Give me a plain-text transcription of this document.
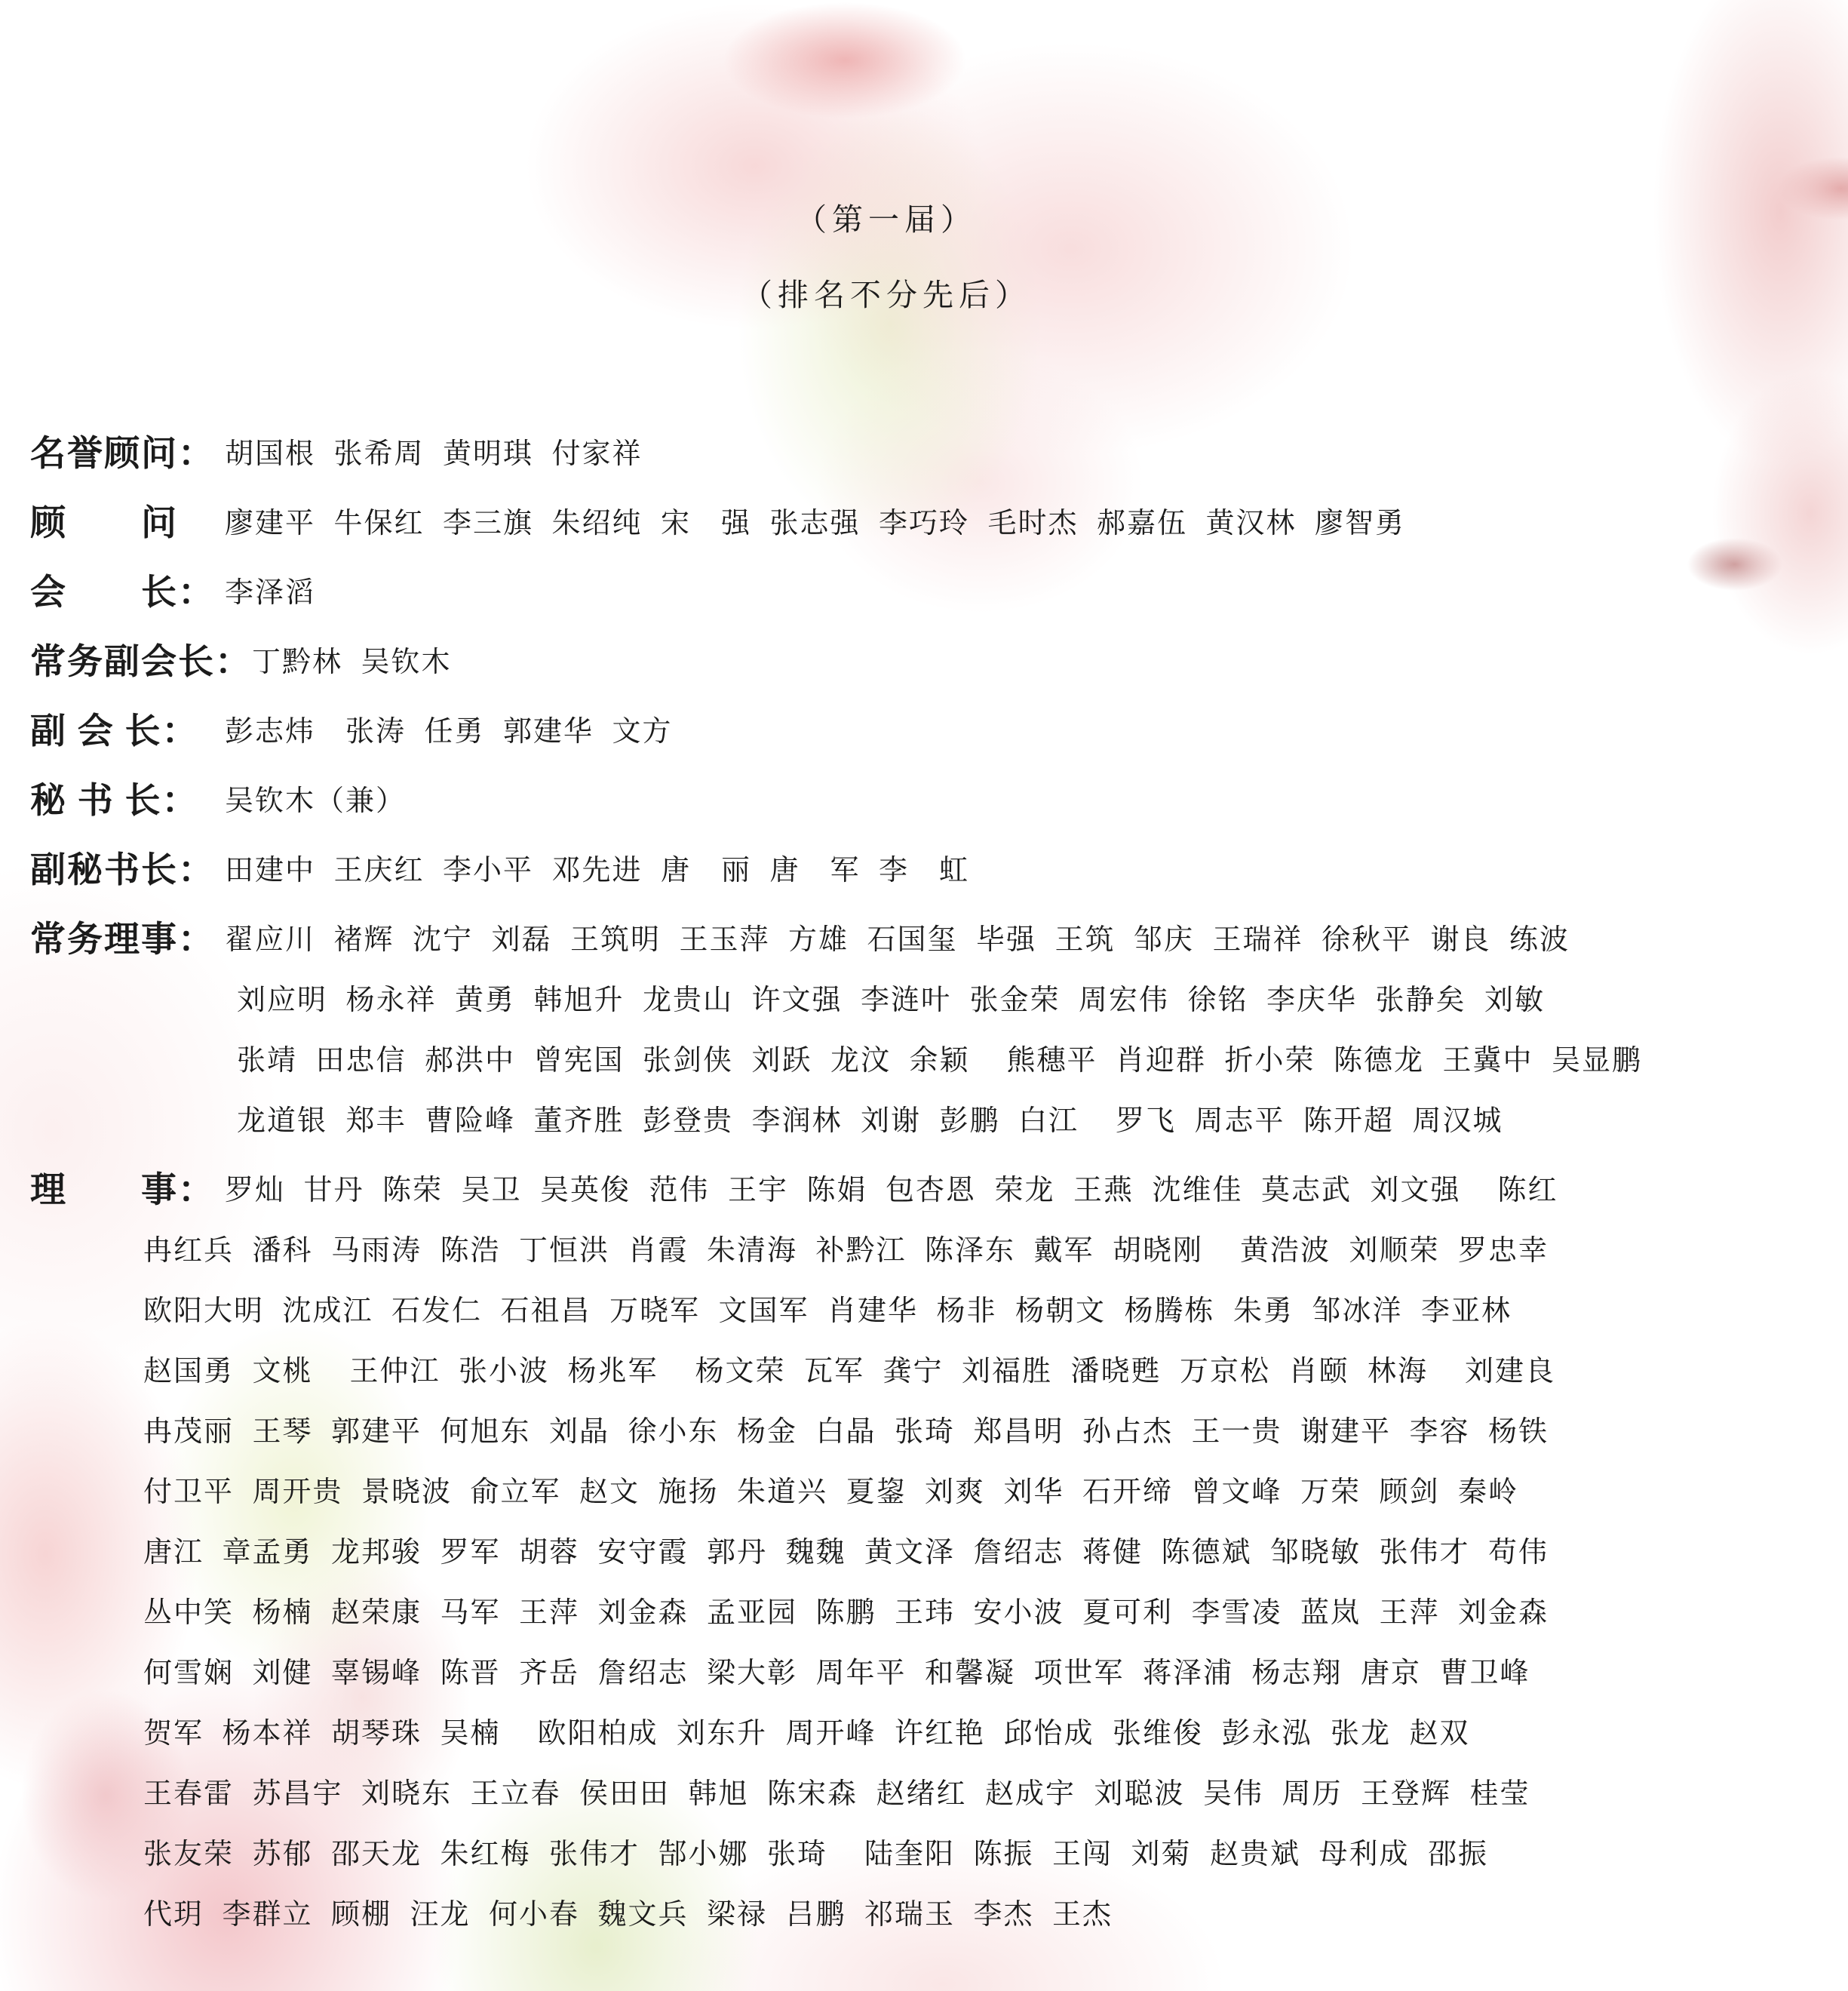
（第一届）
（排名不分先后）
名誉顾问： 胡国根 张希周 黄明琪 付家祥
顾　　问	廖建平 牛保红 李三旗 朱绍纯 宋　强 张志强 李巧玲 毛时杰 郝嘉伍 黄汉林 廖智勇
会　　长： 李泽滔
常务副会长： 丁黔林 吴钦木
副 会 长： 彭志炜　张涛 任勇 郭建华 文方
秘 书 长： 吴钦木（兼）
副秘书长： 田建中 王庆红 李小平 邓先进 唐　丽 唐　军 李　虹
常务理事： 翟应川 褚辉 沈宁 刘磊 王筑明 王玉萍 方雄 石国玺 毕强 王筑 邹庆 王瑞祥 徐秋平 谢良 练波
刘应明 杨永祥 黄勇 韩旭升 龙贵山 许文强 李涟叶 张金荣 周宏伟 徐铭 李庆华 张静矣 刘敏
张靖 田忠信 郝洪中 曾宪国 张剑侠 刘跃 龙汶 余颖  熊穗平 肖迎群 折小荣 陈德龙 王冀中 吴显鹏
龙道银 郑丰 曹险峰 董齐胜 彭登贵 李润林 刘谢 彭鹏 白江  罗飞 周志平 陈开超 周汉城
理　　事： 罗灿 甘丹 陈荣 吴卫 吴英俊 范伟 王宇 陈娟 包杏恩 荣龙 王燕 沈维佳 莫志武 刘文强  陈红
冉红兵 潘科 马雨涛 陈浩 丁恒洪 肖霞 朱清海 补黔江 陈泽东 戴军 胡晓刚  黄浩波 刘顺荣 罗忠幸
欧阳大明 沈成江 石发仁 石祖昌 万晓军 文国军 肖建华 杨非 杨朝文 杨腾栋 朱勇 邹冰洋 李亚林
赵国勇 文桃  王仲江 张小波 杨兆军  杨文荣 瓦军 龚宁 刘福胜 潘晓甦 万京松 肖颐 林海  刘建良
冉茂丽 王琴 郭建平 何旭东 刘晶 徐小东 杨金 白晶 张琦 郑昌明 孙占杰 王一贵 谢建平 李容 杨铁
付卫平 周开贵 景晓波 俞立军 赵文 施扬 朱道兴 夏鋆 刘爽 刘华 石开缔 曾文峰 万荣 顾剑 秦岭
唐江 章孟勇 龙邦骏 罗军 胡蓉 安守霞 郭丹 魏魏 黄文泽 詹绍志 蒋健 陈德斌 邹晓敏 张伟才 苟伟
丛中笑 杨楠 赵荣康 马军 王萍 刘金森 孟亚园 陈鹏 王玮 安小波 夏可利 李雪凌 蓝岚 王萍 刘金森
何雪娴 刘健 辜锡峰 陈晋 齐岳 詹绍志 梁大彰 周年平 和馨凝 项世军 蒋泽浦 杨志翔 唐京 曹卫峰
贺军 杨本祥 胡琴珠 吴楠  欧阳柏成 刘东升 周开峰 许红艳 邱怡成 张维俊 彭永泓 张龙 赵双
王春雷 苏昌宇 刘晓东 王立春 侯田田 韩旭 陈宋森 赵绪红 赵成宇 刘聪波 吴伟 周历 王登辉 桂莹
张友荣 苏郁 邵天龙 朱红梅 张伟才 郜小娜 张琦  陆奎阳 陈振 王闯 刘菊 赵贵斌 母利成 邵振
代玥 李群立 顾棚 汪龙 何小春 魏文兵 梁禄 吕鹏 祁瑞玉 李杰 王杰
